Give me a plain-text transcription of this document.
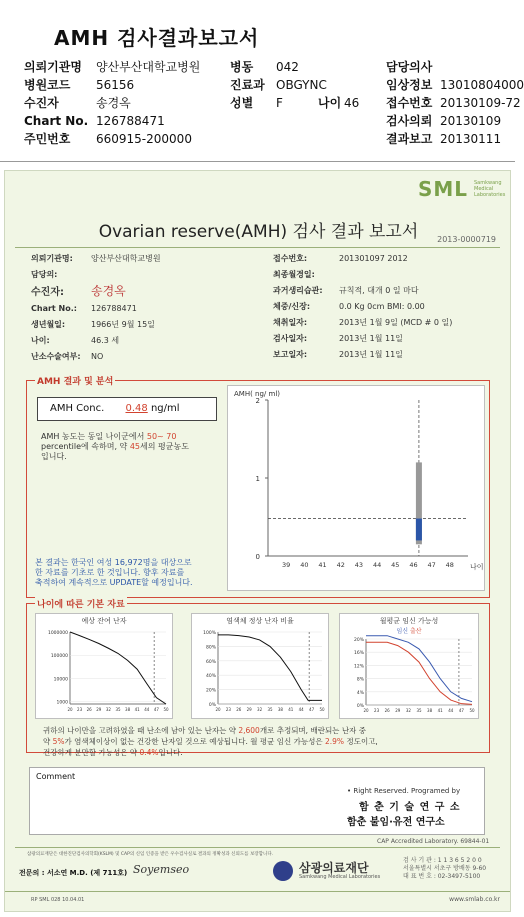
AMH 검사결과보고서
의뢰기관명 양산부산대학교병원
병원코드 56156
수진자	송경옥
Chart No. 126788471
주민번호 660915-200000
병동 042
진료과 OBGYNC
성별 F	나이 46
담당의사
임상정보 13010804000
접수번호 20130109-72
검사의뢰 20130109
결과보고 20130111
SML Samkwang Medical Laboratories
Ovarian reserve(AMH) 검사 결과 보고서	2013-0000719
의뢰기관명: 양산부산대학교병원
담당의:
수진자: 송경옥
Chart No.: 126788471
생년월일:	1966년 9월 15일
나이:	46.3 세
난소수술여부: NO
접수번호:	201301097 2012
최종월경일:
과거생리습관: 규칙적, 대개 0 일 마다
체중/신장:	0.0 Kg 0cm BMI: 0.00
채취일자:	2013년 1월 9일 (MCD # 0 일)
검사일자:	2013년 1월 11일
보고일자:	2013년 1월 11일
AMH 결과 및 분석
AMH Conc. 0.48 ng/ml
AMH 농도는 동일 나이군에서 50~ 70
percentile에 속하며, 약 45세의 평균농도
입니다.
본 결과는 한국인 여성 16,972명을 대상으로
한 자료를 기초로 한 것입니다. 향후 자료를
축적하여 계속적으로 UPDATE할 예정입니다.
AMH( ng/ ml)
0
1
2
39 40 41 42 43 44 45 46 47 48 나이
나이에 따른 기본 자료
예상 잔여 난자
1000000
100000
10000
1000
20 23 26 29 32 35 38 41 44 47 50
염색체 정상 난자 비율
100%
80%
60%
40%
20%
0%
20 23 26 29 32 35 38 41 44 47 50
월평균 임신 가능성
임신 출산
20%
16%
12%
8%
4%
0%
20 23 26 29 32 35 38 41 44 47 50
귀하의 나이만을 고려하였을 때 난소에 남아 있는 난자는 약 2,600개로 추정되며, 배란되는 난자 중
약 5%가 염색체이상이 없는 건강한 난자일 것으로 예상됩니다. 월 평균 임신 가능성은 2.9% 정도이고,
건강하게 분만할 가능성은 약 0.4%입니다.
Comment
• Right Reserved. Programed by
함 춘 기 술 연 구 소
함춘 불임·유전 연구소
CAP Accredited Laboratory. 69844-01
삼광의료재단은 대한진단검사의학회(KSLM) 및 CAP의 신임 인증을 받은 우수검사실로 결과의 정확성과 신뢰도를 보장합니다.
전문의 : 서소연 M.D. (제 711호) Soyemseo	삼광의료재단
Samkwang Medical Laboratories
검 사 기 관 : 1 1 3 6 5 2 0 0
서울특별시 서초구 방배동 9-60
대 표 번 호 : 02-3497-5100
RP SML 028 10.04.01	www.smlab.co.kr
